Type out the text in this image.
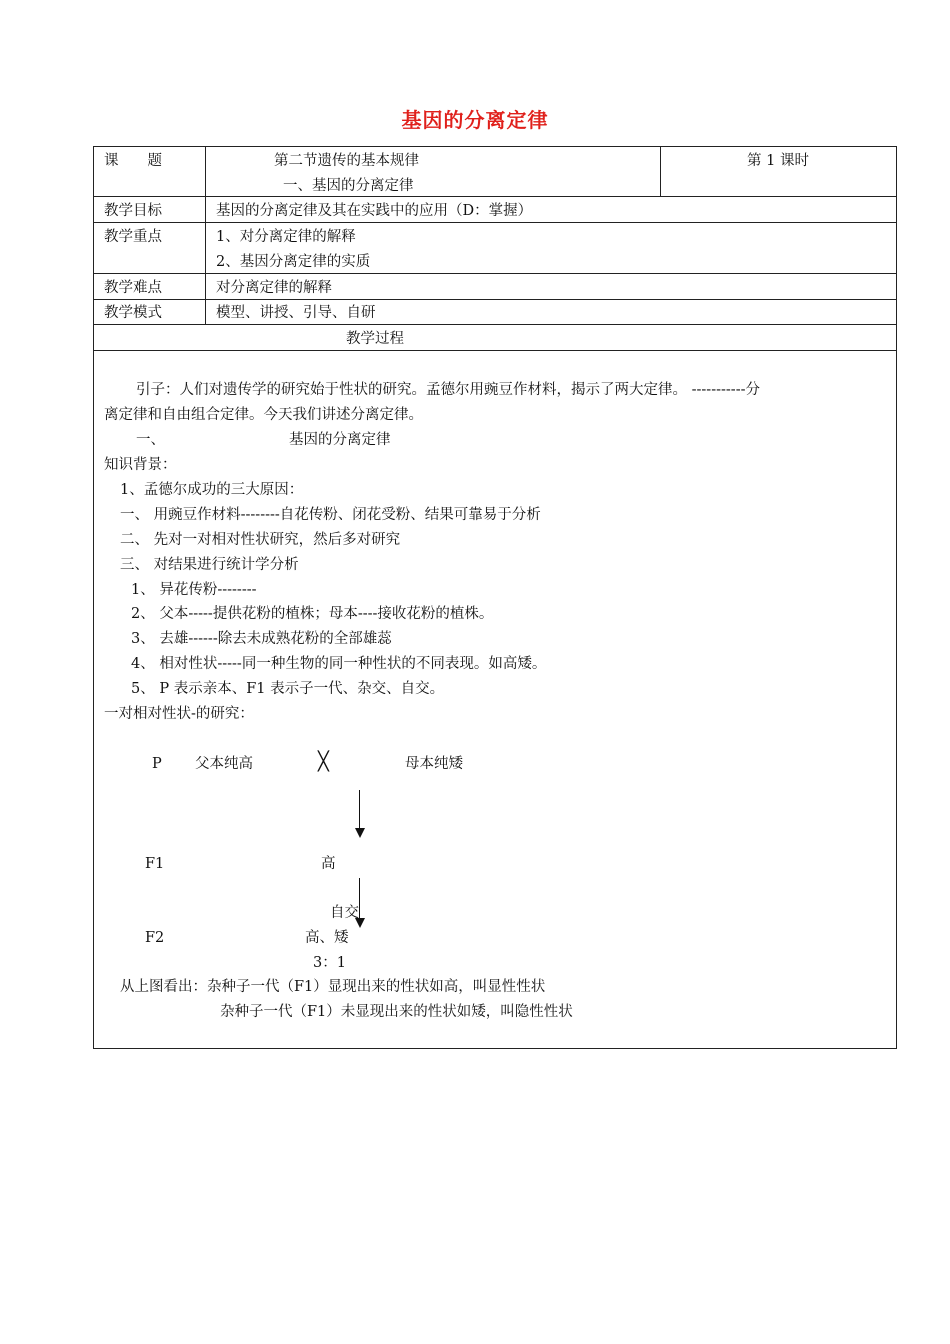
基因的分离定律
课　　题	第二节遗传的基本规律
一、基因的分离定律
第 1 课时
教学目标	基因的分离定律及其在实践中的应用（D：掌握）
教学重点	1、对分离定律的解释
2、基因分离定律的实质
教学难点	对分离定律的解释
教学模式	模型、讲授、引导、自研
教学过程
引子：人们对遗传学的研究始于性状的研究。孟德尔用豌豆作材料，揭示了两大定律。 -----------分
离定律和自由组合定律。今天我们讲述分离定律。
一、	基因的分离定律
知识背景：
1、孟德尔成功的三大原因：
一、 用豌豆作材料--------自花传粉、闭花受粉、结果可靠易于分析
二、 先对一对相对性状研究，然后多对研究
三、 对结果进行统计学分析
1、 异花传粉--------
2、 父本-----提供花粉的植株；母本----接收花粉的植株。
3、 去雄------除去未成熟花粉的全部雄蕊
4、 相对性状-----同一种生物的同一种性状的不同表现。如高矮。
5、 P 表示亲本、F1 表示子一代、杂交、自交。
一对相对性状-的研究：
P 父本纯高	╳	母本纯矮
F1	高
自交
F2	高、矮
3：1
从上图看出：杂种子一代（F1）显现出来的性状如高，叫显性性状
杂种子一代（F1）未显现出来的性状如矮，叫隐性性状
